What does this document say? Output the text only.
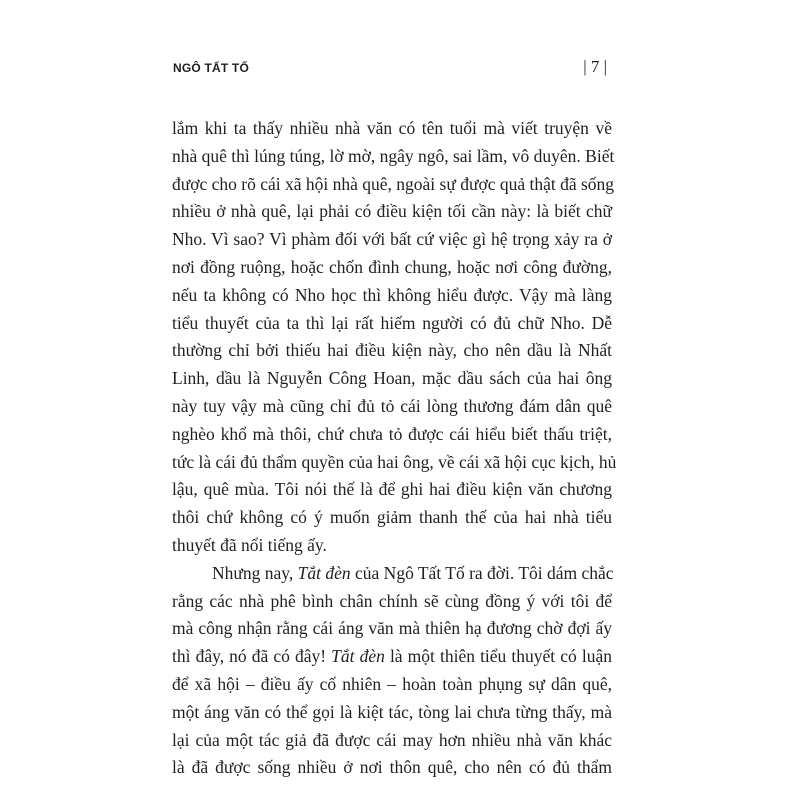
NGÔ TẤT TỐ	| 7 |
lắm khi ta thấy nhiều nhà văn có tên tuổi mà viết truyện về
nhà quê thì lúng túng, lờ mờ, ngây ngô, sai lầm, vô duyên. Biết
được cho rõ cái xã hội nhà quê, ngoài sự được quả thật đã sống
nhiều ở nhà quê, lại phải có điều kiện tối cần này: là biết chữ
Nho. Vì sao? Vì phàm đối với bất cứ việc gì hệ trọng xảy ra ở
nơi đồng ruộng, hoặc chốn đình chung, hoặc nơi công đường,
nếu ta không có Nho học thì không hiểu được. Vậy mà làng
tiểu thuyết của ta thì lại rất hiếm người có đủ chữ Nho. Dễ
thường chỉ bởi thiếu hai điều kiện này, cho nên dầu là Nhất
Linh, dầu là Nguyễn Công Hoan, mặc dầu sách của hai ông
này tuy vậy mà cũng chỉ đủ tỏ cái lòng thương đám dân quê
nghèo khổ mà thôi, chứ chưa tỏ được cái hiểu biết thấu triệt,
tức là cái đủ thẩm quyền của hai ông, về cái xã hội cục kịch, hủ
lậu, quê mùa. Tôi nói thế là để ghi hai điều kiện văn chương
thôi chứ không có ý muốn giảm thanh thế của hai nhà tiểu
thuyết đã nổi tiếng ấy.
Nhưng nay, Tắt đèn của Ngô Tất Tố ra đời. Tôi dám chắc
rằng các nhà phê bình chân chính sẽ cùng đồng ý với tôi để
mà công nhận rằng cái áng văn mà thiên hạ đương chờ đợi ấy
thì đây, nó đã có đây! Tắt đèn là một thiên tiểu thuyết có luận
để xã hội – điều ấy cố nhiên – hoàn toàn phụng sự dân quê,
một áng văn có thể gọi là kiệt tác, tòng lai chưa từng thấy, mà
lại của một tác giả đã được cái may hơn nhiều nhà văn khác
là đã được sống nhiều ở nơi thôn quê, cho nên có đủ thẩm
